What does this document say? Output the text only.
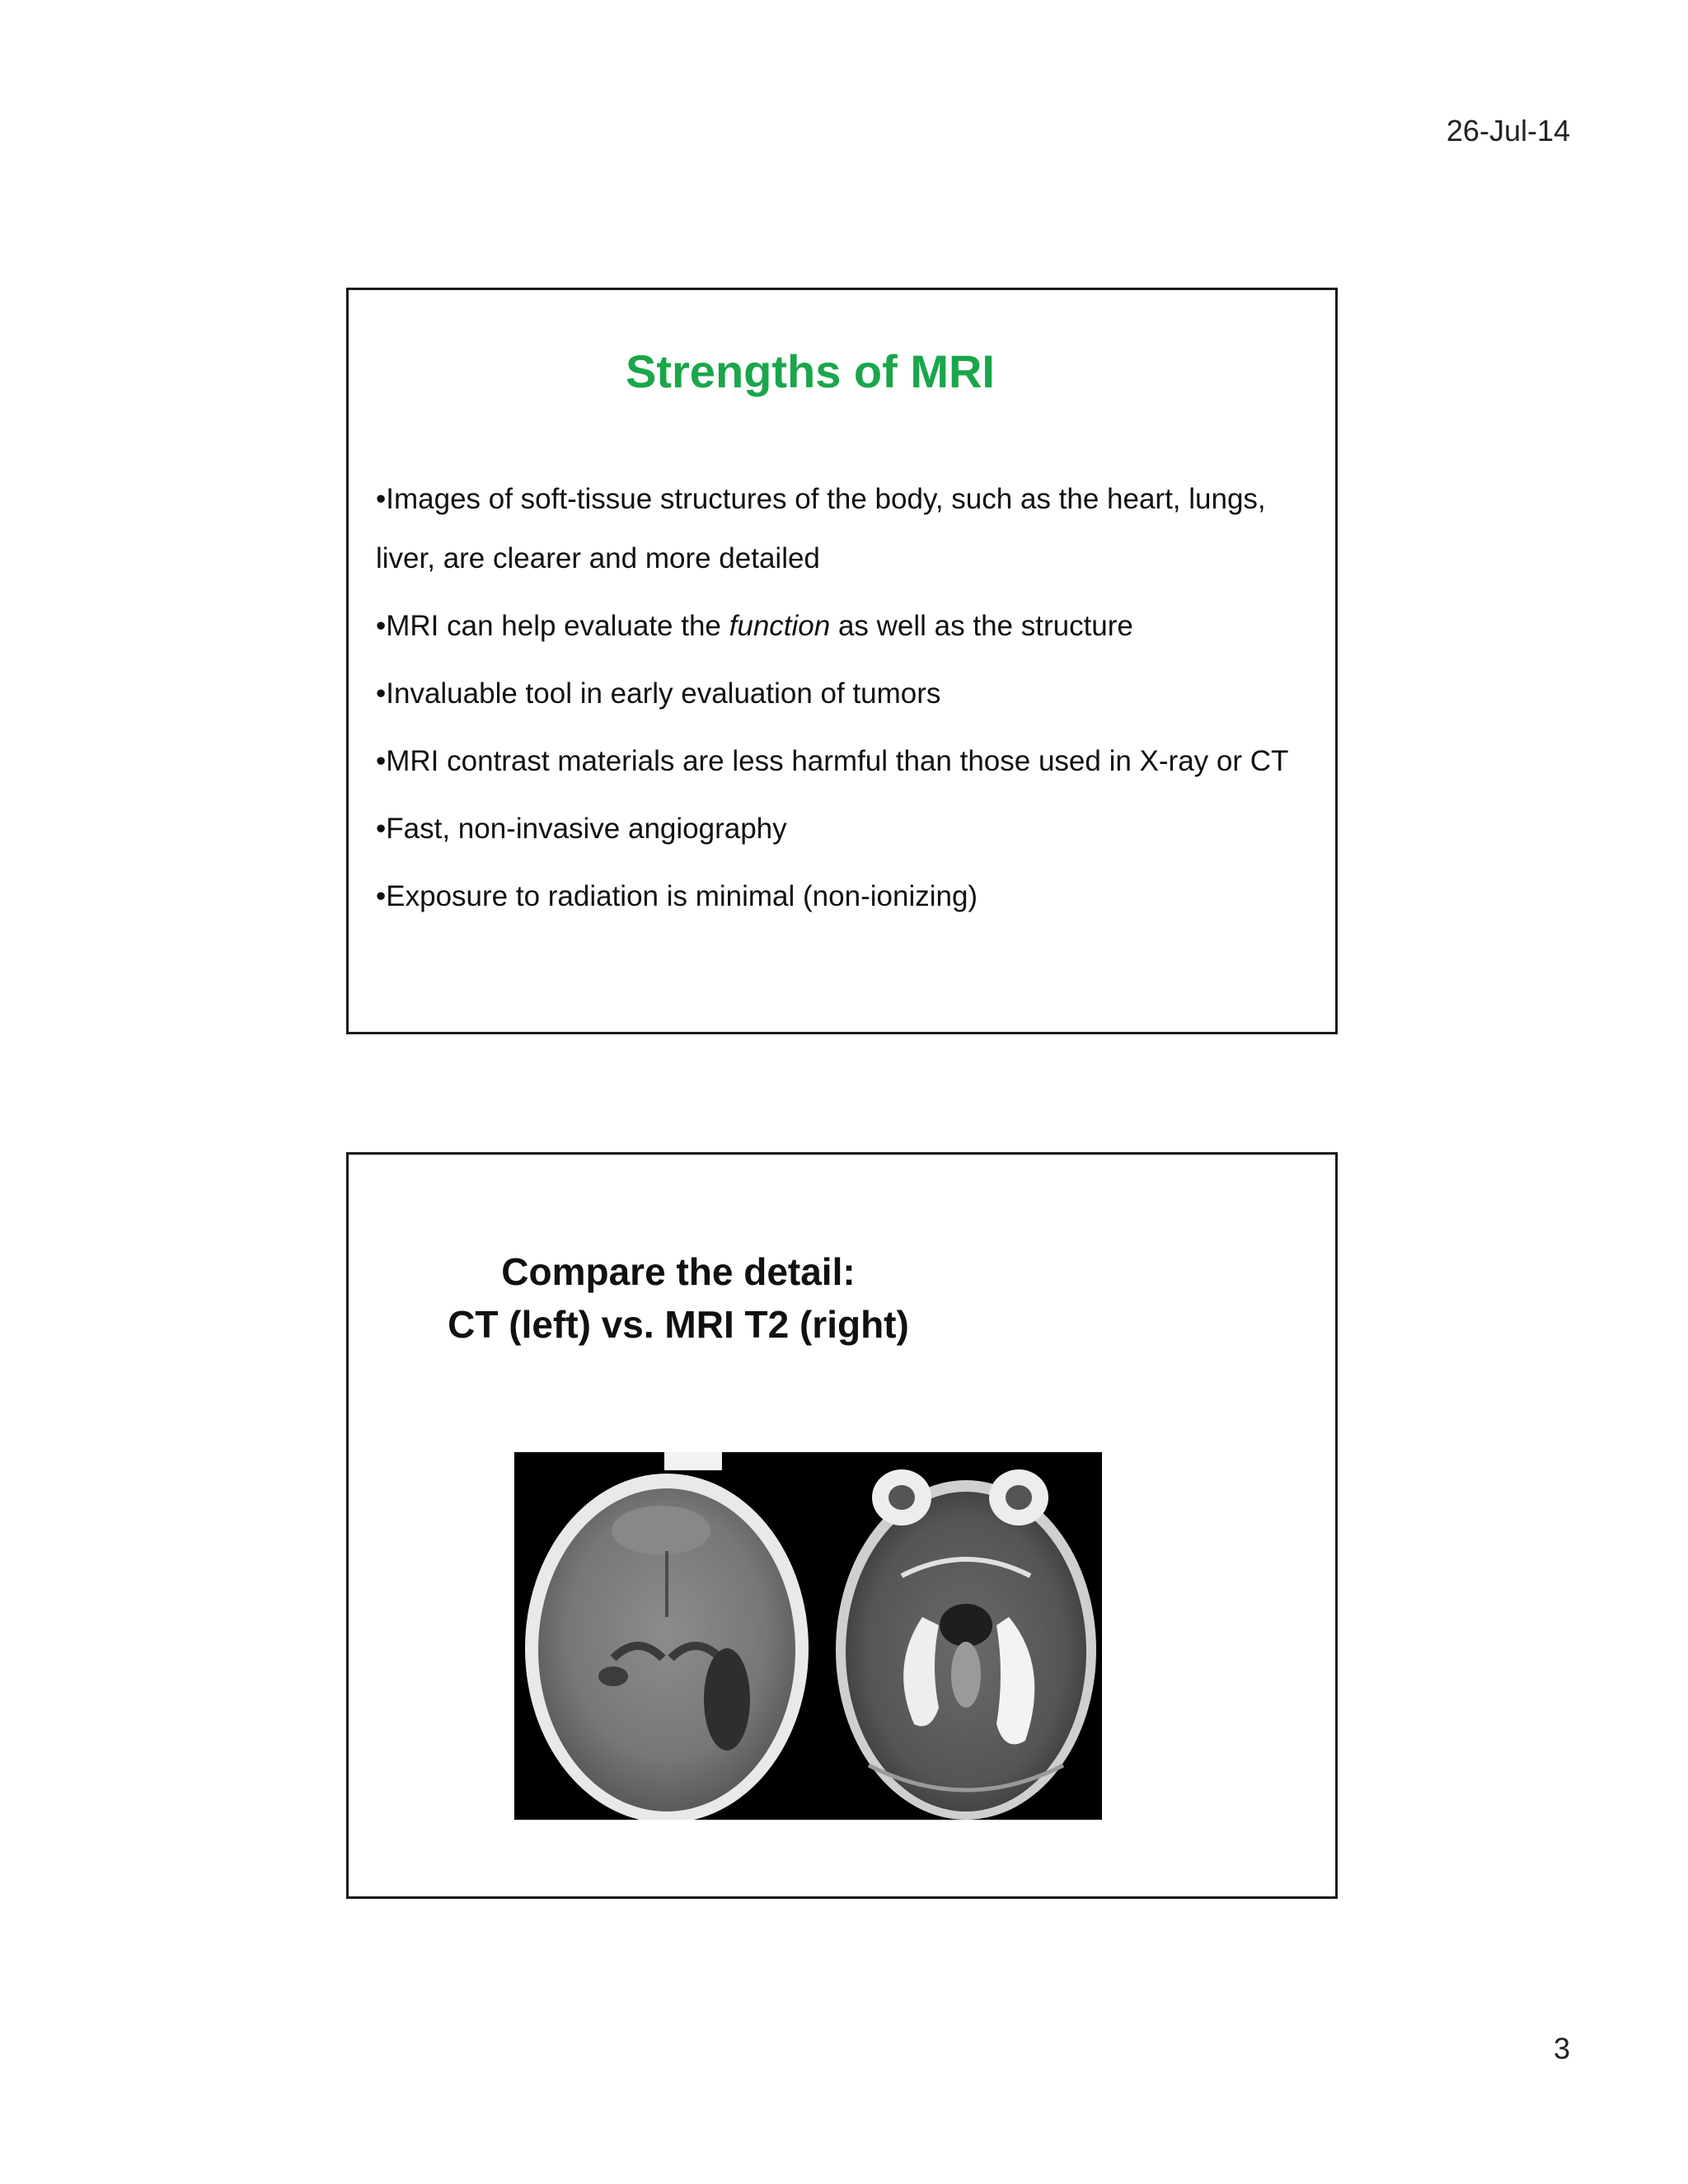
26-Jul-14
Strengths of MRI
•Images of soft-tissue structures of the body, such as the heart, lungs, liver, are clearer and more detailed
•MRI can help evaluate the function as well as the structure
•Invaluable tool in early evaluation of tumors
•MRI contrast materials are less harmful than those used in X-ray or CT
•Fast, non-invasive angiography
•Exposure to radiation is minimal (non-ionizing)
Compare the detail:
CT (left) vs. MRI T2 (right)
3
